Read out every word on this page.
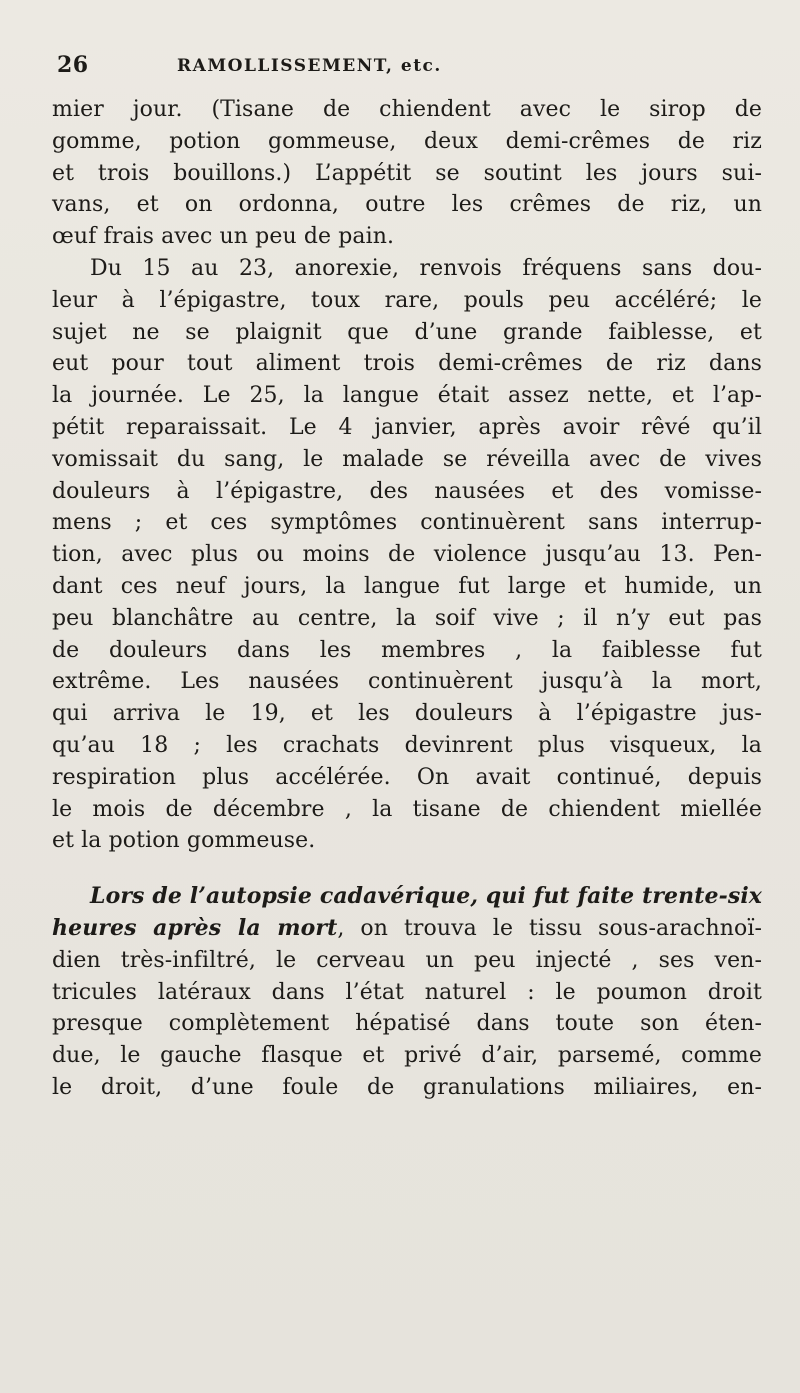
26	RAMOLLISSEMENT, etc.
mier jour. (Tisane de chiendent avec le sirop de
gomme, potion gommeuse, deux demi-crêmes de riz
et trois bouillons.) L’appétit se soutint les jours sui-
vans, et on ordonna, outre les crêmes de riz, un
œuf frais avec un peu de pain.
Du 15 au 23, anorexie, renvois fréquens sans dou-
leur à l’épigastre, toux rare, pouls peu accéléré; le
sujet ne se plaignit que d’une grande faiblesse, et
eut pour tout aliment trois demi-crêmes de riz dans
la journée. Le 25, la langue était assez nette, et l’ap-
pétit reparaissait. Le 4 janvier, après avoir rêvé qu’il
vomissait du sang, le malade se réveilla avec de vives
douleurs à l’épigastre, des nausées et des vomisse-
mens ; et ces symptômes continuèrent sans interrup-
tion, avec plus ou moins de violence jusqu’au 13. Pen-
dant ces neuf jours, la langue fut large et humide, un
peu blanchâtre au centre, la soif vive ; il n’y eut pas
de douleurs dans les membres , la faiblesse fut
extrême. Les nausées continuèrent jusqu’à la mort,
qui arriva le 19, et les douleurs à l’épigastre jus-
qu’au 18 ; les crachats devinrent plus visqueux, la
respiration plus accélérée. On avait continué, depuis
le mois de décembre , la tisane de chiendent miellée
et la potion gommeuse.
Lors de l’autopsie cadavérique, qui fut faite trente-six
heures après la mort, on trouva le tissu sous-arachnoï-
dien très-infiltré, le cerveau un peu injecté , ses ven-
tricules latéraux dans l’état naturel : le poumon droit
presque complètement hépatisé dans toute son éten-
due, le gauche flasque et privé d’air, parsemé, comme
le droit, d’une foule de granulations miliaires, en-
